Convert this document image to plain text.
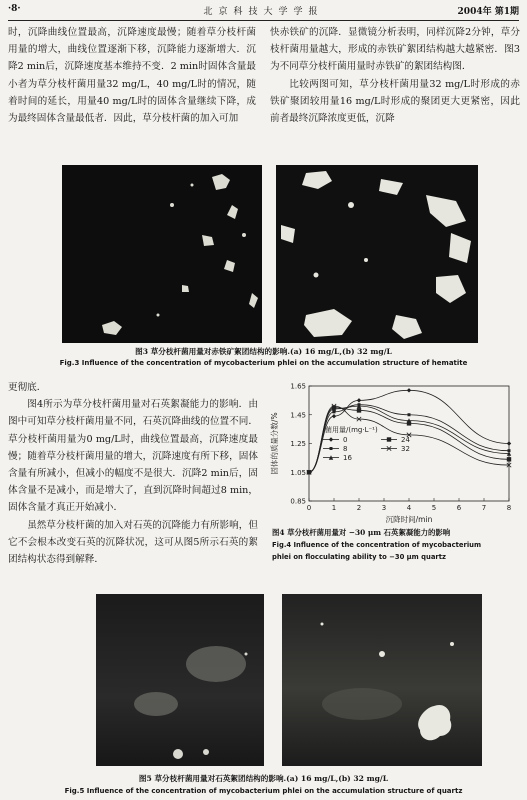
·8·	北京科技大学学报	2004年 第1期

时，沉降曲线位置最高，沉降速度最慢；随着草分枝杆菌用量的增大，曲线位置逐渐下移，沉降能力逐渐增大．沉降2 min后，沉降速度基本维持不变．2 min时固体含量最小者为草分枝杆菌用量32 mg/L，40 mg/L时的情况，随着时间的延长，用量40 mg/L时的固体含量继续下降，成为最终固体含量最低者．因此，草分枝杆菌的加入可加

快赤铁矿的沉降．显微镜分析表明，同样沉降2分钟，草分枝杆菌用量越大，形成的赤铁矿絮团结构越大越紧密．图3为不同草分枝杆菌用量时赤铁矿的絮团结构图．

比较两图可知，草分枝杆菌用量32 mg/L时形成的赤铁矿聚团较用量16 mg/L时形成的聚团更大更紧密，因此前者最终沉降浓度更低，沉降

图3 草分枝杆菌用量对赤铁矿絮团结构的影响.(a) 16 mg/L,(b) 32 mg/L
Fig.3 Influence of the concentration of mycobacterium phlei on the accumulation structure of hematite

更彻底．

图4所示为草分枝杆菌用量对石英絮凝能力的影响．由图中可知草分枝杆菌用量不同，石英沉降曲线的位置不同．草分枝杆菌用量为0 mg/L时，曲线位置最高，沉降速度最慢；随着草分枝杆菌用量的增大，沉降速度有所下移，固体含量有所减小，但减小的幅度不是很大．沉降2 min后，固体含量不是减小，而是增大了，直到沉降时间超过8 min，固体含量才真正开始减小．

虽然草分枝杆菌的加入对石英的沉降能力有所影响，但它不会根本改变石英的沉降状况，这可从图5所示石英的絮团结构状态得到解释．

0	1	2	3	4	5	6	7	8
0.85
1.05
1.25
1.45
1.65
沉降时间/min
固体的质量分数/%	菌用量/(mg·L⁻¹)
0
8
16
24
32
图4 草分枝杆菌用量对 −30 μm 石英絮凝能力的影响
Fig.4 Influence of the concentration of mycobacterium
phlei on flocculating ability to −30 μm quartz
图5 草分枝杆菌用量对石英絮团结构的影响.(a) 16 mg/L,(b) 32 mg/L
Fig.5 Influence of the concentration of mycobacterium phlei on the accumulation structure of quartz
